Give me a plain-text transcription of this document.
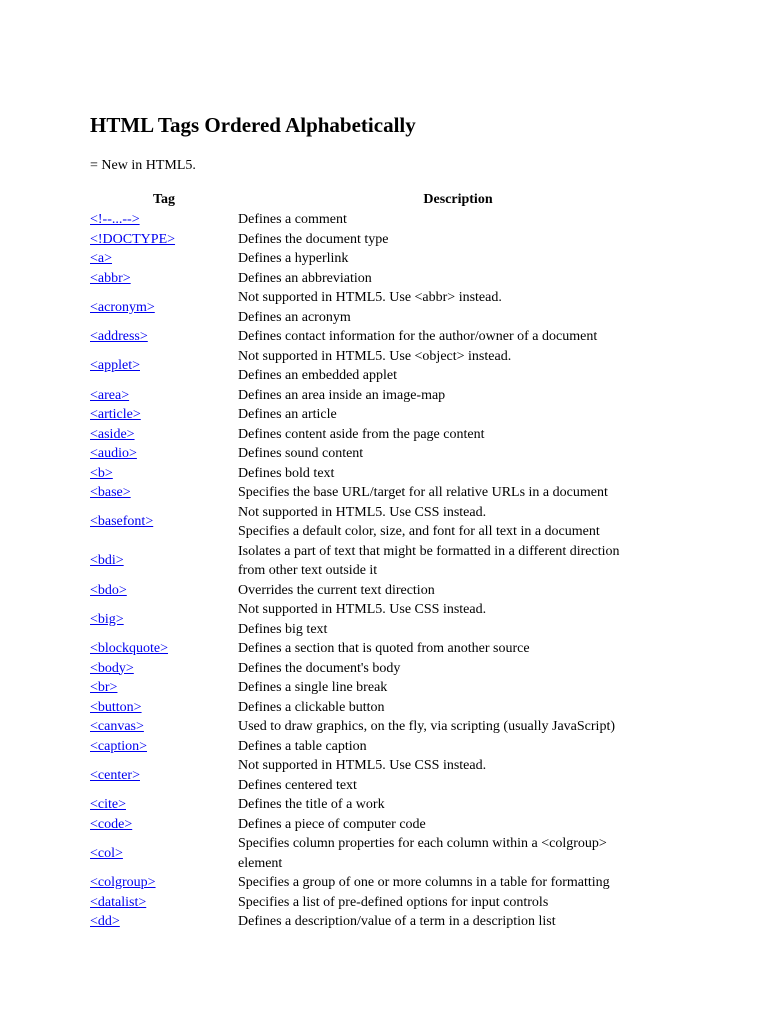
HTML Tags Ordered Alphabetically
= New in HTML5.
Tag	Description
<!--...-->	Defines a comment

<!DOCTYPE>	Defines the document type

<a>	Defines a hyperlink

<abbr>	Defines an abbreviation

<acronym>	Not supported in HTML5. Use <abbr> instead.
Defines an acronym

<address>	Defines contact information for the author/owner of a document

<applet>	Not supported in HTML5. Use <object> instead.
Defines an embedded applet

<area>	Defines an area inside an image-map

<article>	Defines an article

<aside>	Defines content aside from the page content

<audio>	Defines sound content

<b>	Defines bold text

<base>	Specifies the base URL/target for all relative URLs in a document

<basefont>	Not supported in HTML5. Use CSS instead.
Specifies a default color, size, and font for all text in a document

<bdi>	Isolates a part of text that might be formatted in a different direction
from other text outside it

<bdo>	Overrides the current text direction

<big>	Not supported in HTML5. Use CSS instead.
Defines big text

<blockquote>	Defines a section that is quoted from another source

<body>	Defines the document's body

<br>	Defines a single line break

<button>	Defines a clickable button

<canvas>	Used to draw graphics, on the fly, via scripting (usually JavaScript)

<caption>	Defines a table caption

<center>	Not supported in HTML5. Use CSS instead.
Defines centered text

<cite>	Defines the title of a work

<code>	Defines a piece of computer code

<col>	Specifies column properties for each column within a <colgroup>
element

<colgroup>	Specifies a group of one or more columns in a table for formatting

<datalist>	Specifies a list of pre-defined options for input controls

<dd>	Defines a description/value of a term in a description list
